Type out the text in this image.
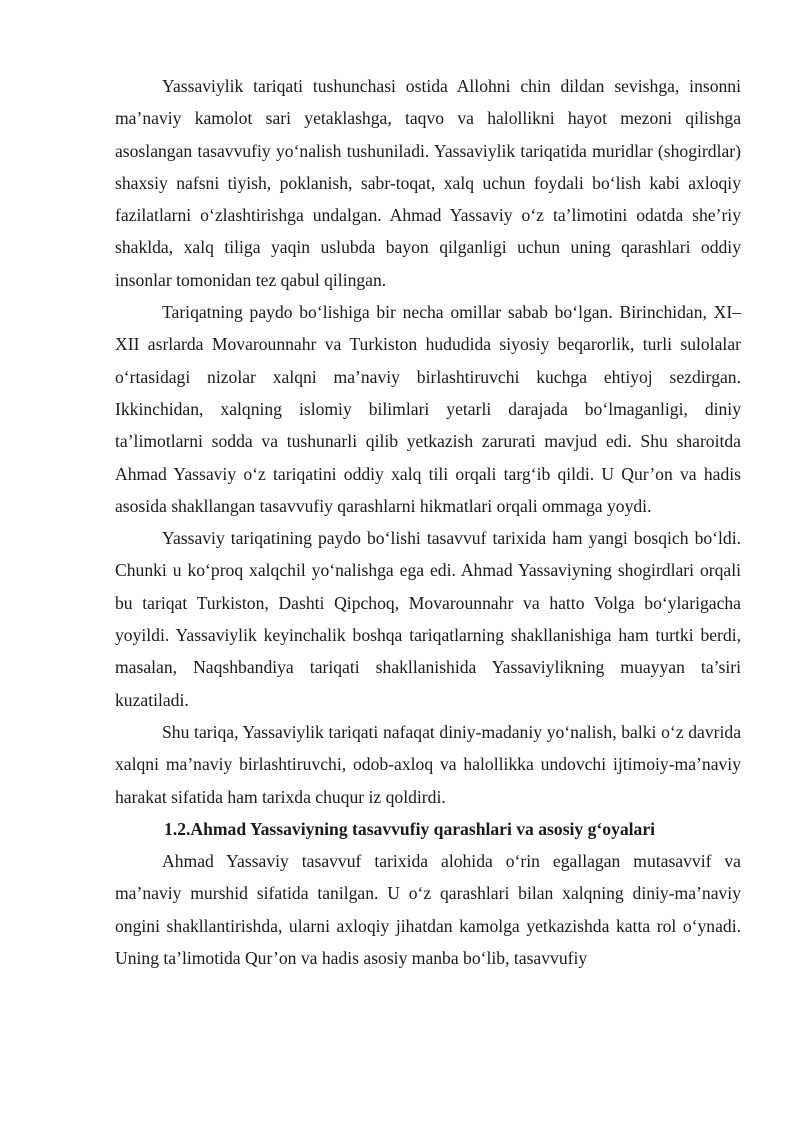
Yassaviylik tariqati tushunchasi ostida Allohni chin dildan sevishga, insonni ma’naviy kamolot sari yetaklashga, taqvo va halollikni hayot mezoni qilishga asoslangan tasavvufiy yo‘nalish tushuniladi. Yassaviylik tariqatida muridlar (shogirdlar) shaxsiy nafsni tiyish, poklanish, sabr-toqat, xalq uchun foydali bo‘lish kabi axloqiy fazilatlarni o‘zlashtirishga undalgan. Ahmad Yassaviy o‘z ta’limotini odatda she’riy shaklda, xalq tiliga yaqin uslubda bayon qilganligi uchun uning qarashlari oddiy insonlar tomonidan tez qabul qilingan.

Tariqatning paydo bo‘lishiga bir necha omillar sabab bo‘lgan. Birinchidan, XI–XII asrlarda Movarounnahr va Turkiston hududida siyosiy beqarorlik, turli sulolalar o‘rtasidagi nizolar xalqni ma’naviy birlashtiruvchi kuchga ehtiyoj sezdirgan. Ikkinchidan, xalqning islomiy bilimlari yetarli darajada bo‘lmaganligi, diniy ta’limotlarni sodda va tushunarli qilib yetkazish zarurati mavjud edi. Shu sharoitda Ahmad Yassaviy o‘z tariqatini oddiy xalq tili orqali targ‘ib qildi. U Qur’on va hadis asosida shakllangan tasavvufiy qarashlarni hikmatlari orqali ommaga yoydi.

Yassaviy tariqatining paydo bo‘lishi tasavvuf tarixida ham yangi bosqich bo‘ldi. Chunki u ko‘proq xalqchil yo‘nalishga ega edi. Ahmad Yassaviyning shogirdlari orqali bu tariqat Turkiston, Dashti Qipchoq, Movarounnahr va hatto Volga bo‘ylarigacha yoyildi. Yassaviylik keyinchalik boshqa tariqatlarning shakllanishiga ham turtki berdi, masalan, Naqshbandiya tariqati shakllanishida Yassaviylikning muayyan ta’siri kuzatiladi.

Shu tariqa, Yassaviylik tariqati nafaqat diniy-madaniy yo‘nalish, balki o‘z davrida xalqni ma’naviy birlashtiruvchi, odob-axloq va halollikka undovchi ijtimoiy-ma’naviy harakat sifatida ham tarixda chuqur iz qoldirdi.

1.2.Ahmad Yassaviyning tasavvufiy qarashlari va asosiy g‘oyalari

Ahmad Yassaviy tasavvuf tarixida alohida o‘rin egallagan mutasavvif va ma’naviy murshid sifatida tanilgan. U o‘z qarashlari bilan xalqning diniy-ma’naviy ongini shakllantirishda, ularni axloqiy jihatdan kamolga yetkazishda katta rol o‘ynadi. Uning ta’limotida Qur’on va hadis asosiy manba bo‘lib, tasavvufiy
